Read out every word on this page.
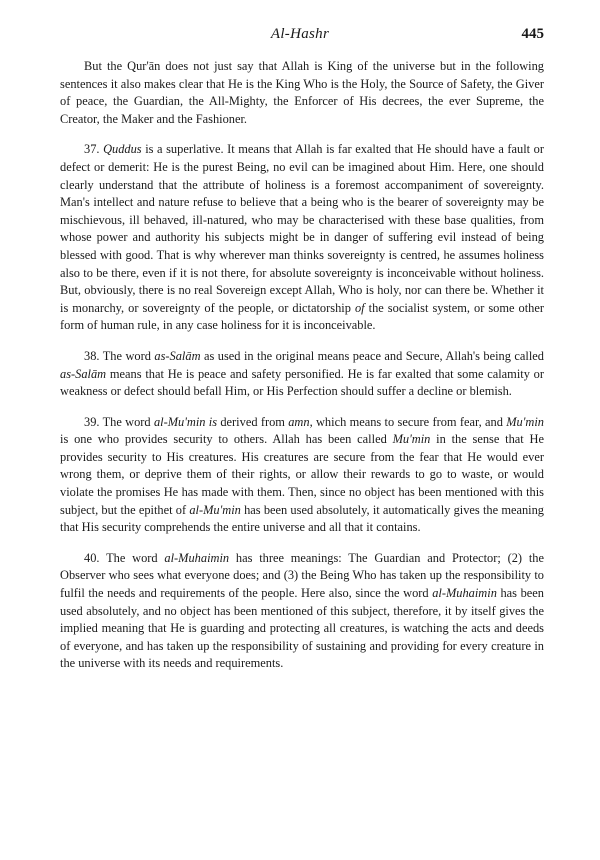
Al-Hashr	445

But the Qur'ān does not just say that Allah is King of the universe but in the following sentences it also makes clear that He is the King Who is the Holy, the Source of Safety, the Giver of peace, the Guardian, the All-Mighty, the Enforcer of His decrees, the ever Supreme, the Creator, the Maker and the Fashioner.

37. Quddus is a superlative. It means that Allah is far exalted that He should have a fault or defect or demerit: He is the purest Being, no evil can be imagined about Him. Here, one should clearly understand that the attribute of holiness is a foremost accompaniment of sovereignty. Man's intellect and nature refuse to believe that a being who is the bearer of sovereignty may be mischievous, ill behaved, ill-natured, who may be characterised with these base qualities, from whose power and authority his subjects might be in danger of suffering evil instead of being blessed with good. That is why wherever man thinks sovereignty is centred, he assumes holiness also to be there, even if it is not there, for absolute sovereignty is inconceivable without holiness. But, obviously, there is no real Sovereign except Allah, Who is holy, nor can there be. Whether it is monarchy, or sovereignty of the people, or dictatorship of the socialist system, or some other form of human rule, in any case holiness for it is inconceivable.

38. The word as-Salām as used in the original means peace and Secure, Allah's being called as-Salām means that He is peace and safety personified. He is far exalted that some calamity or weakness or defect should befall Him, or His Perfection should suffer a decline or blemish.

39. The word al-Mu'min is derived from amn, which means to secure from fear, and Mu'min is one who provides security to others. Allah has been called Mu'min in the sense that He provides security to His creatures. His creatures are secure from the fear that He would ever wrong them, or deprive them of their rights, or allow their rewards to go to waste, or would violate the promises He has made with them. Then, since no object has been mentioned with this subject, but the epithet of al-Mu'min has been used absolutely, it automatically gives the meaning that His security comprehends the entire universe and all that it contains.

40. The word al-Muhaimin has three meanings: The Guardian and Protector; (2) the Observer who sees what everyone does; and (3) the Being Who has taken up the responsibility to fulfil the needs and requirements of the people. Here also, since the word al-Muhaimin has been used absolutely, and no object has been mentioned of this subject, therefore, it by itself gives the implied meaning that He is guarding and protecting all creatures, is watching the acts and deeds of everyone, and has taken up the responsibility of sustaining and providing for every creature in the universe with its needs and requirements.
